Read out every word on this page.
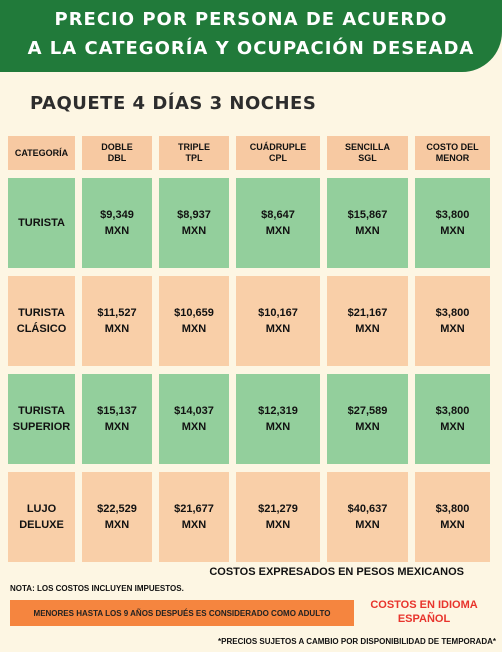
PRECIO POR PERSONA DE ACUERDO
A LA CATEGORÍA Y OCUPACIÓN DESEADA
PAQUETE 4 DÍAS 3 NOCHES
CATEGORÍA
DOBLE
DBL
TRIPLE
TPL
CUÁDRUPLE
CPL
SENCILLA
SGL
COSTO DEL
MENOR
TURISTA
$9,349
MXN
$8,937
MXN
$8,647
MXN
$15,867
MXN
$3,800
MXN
TURISTA
CLÁSICO
$11,527
MXN
$10,659
MXN
$10,167
MXN
$21,167
MXN
$3,800
MXN
TURISTA
SUPERIOR
$15,137
MXN
$14,037
MXN
$12,319
MXN
$27,589
MXN
$3,800
MXN
LUJO
DELUXE
$22,529
MXN
$21,677
MXN
$21,279
MXN
$40,637
MXN
$3,800
MXN
COSTOS EXPRESADOS EN PESOS MEXICANOS
NOTA: LOS COSTOS INCLUYEN IMPUESTOS.
MENORES HASTA LOS 9 AÑOS DESPUÉS ES CONSIDERADO COMO ADULTO
COSTOS EN IDIOMA
ESPAÑOL
*PRECIOS SUJETOS A CAMBIO POR DISPONIBILIDAD DE TEMPORADA*
